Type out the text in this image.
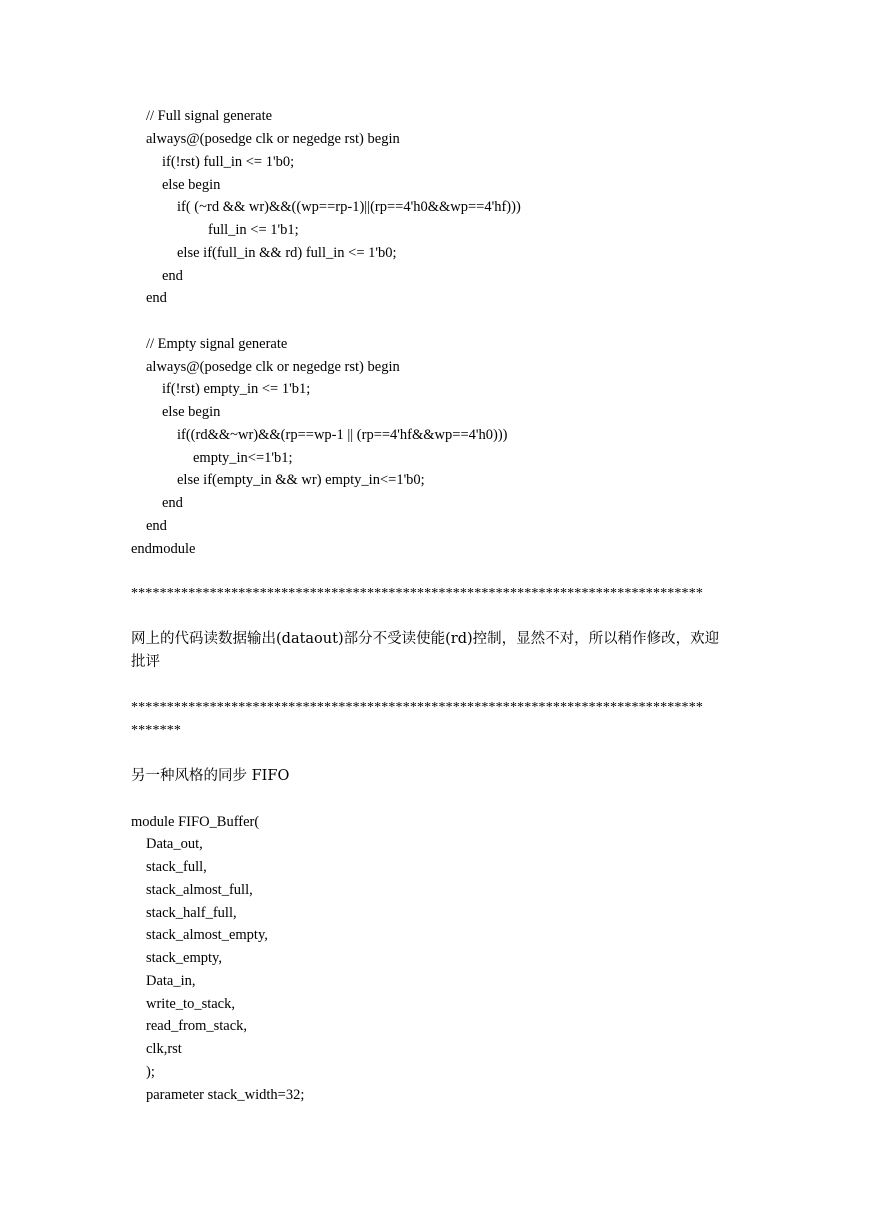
// Full signal generate
always@(posedge clk or negedge rst) begin
if(!rst) full_in <= 1'b0;
else begin
if( (~rd && wr)&&((wp==rp-1)||(rp==4'h0&&wp==4'hf)))
full_in <= 1'b1;
else if(full_in && rd) full_in <= 1'b0;
end
end
// Empty signal generate
always@(posedge clk or negedge rst) begin
if(!rst) empty_in <= 1'b1;
else begin
if((rd&&~wr)&&(rp==wp-1 || (rp==4'hf&&wp==4'h0)))
empty_in<=1'b1;
else if(empty_in && wr) empty_in<=1'b0;
end
end
endmodule
********************************************************************************
网上的代码读数据输出(dataout)部分不受读使能(rd)控制，显然不对，所以稍作修改，欢迎
批评
********************************************************************************
*******
另一种风格的同步 FIFO
module FIFO_Buffer(
Data_out,
stack_full,
stack_almost_full,
stack_half_full,
stack_almost_empty,
stack_empty,
Data_in,
write_to_stack,
read_from_stack,
clk,rst
);
parameter stack_width=32;
